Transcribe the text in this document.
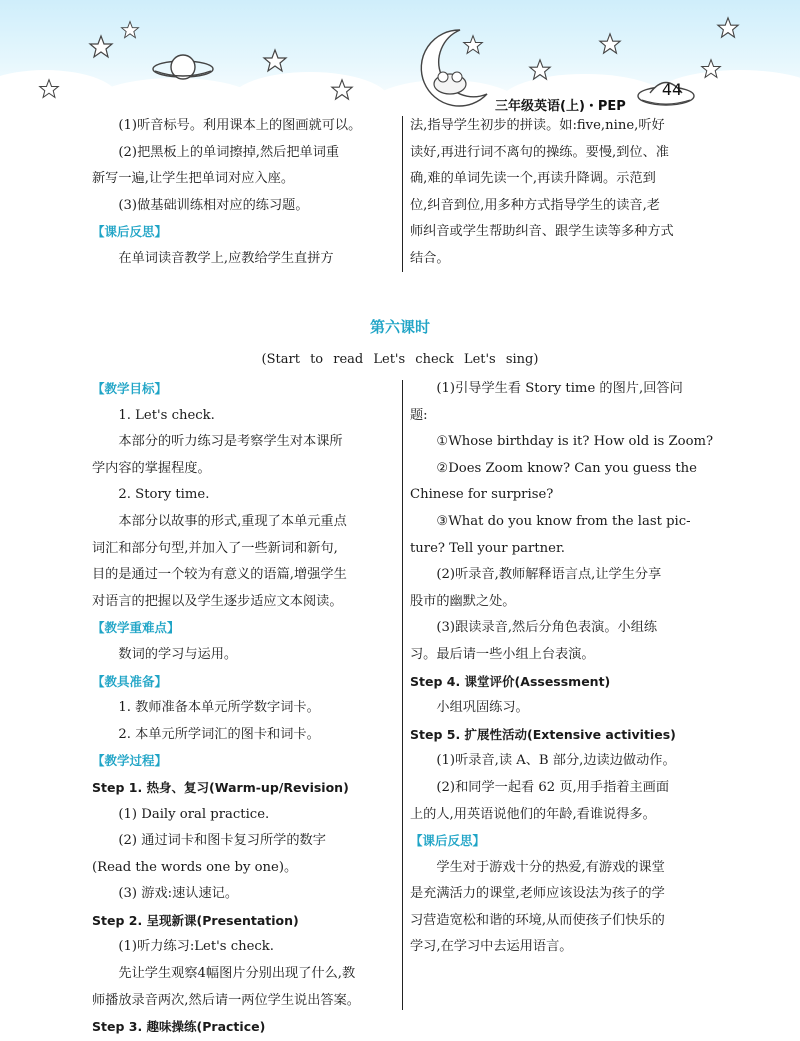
44
三年级英语(上)・PEP

(1)听音标号。利用课本上的图画就可以。

(2)把黑板上的单词擦掉,然后把单词重

新写一遍,让学生把单词对应入座。

(3)做基础训练相对应的练习题。

【课后反思】

在单词读音教学上,应教给学生直拼方

法,指导学生初步的拼读。如:five,nine,听好

读好,再进行词不离句的操练。要慢,到位、准

确,难的单词先读一个,再读升降调。示范到

位,纠音到位,用多种方式指导学生的读音,老

师纠音或学生帮助纠音、跟学生读等多种方式

结合。

第六课时
(Start to read Let's check Let's sing)

【教学目标】

1. Let's check.

本部分的听力练习是考察学生对本课所

学内容的掌握程度。

2. Story time.

本部分以故事的形式,重现了本单元重点

词汇和部分句型,并加入了一些新词和新句,

目的是通过一个较为有意义的语篇,增强学生

对语言的把握以及学生逐步适应文本阅读。

【教学重难点】

数词的学习与运用。

【教具准备】

1. 教师准备本单元所学数字词卡。

2. 本单元所学词汇的图卡和词卡。

【教学过程】

Step 1. 热身、复习(Warm-up/Revision)

(1) Daily oral practice.

(2) 通过词卡和图卡复习所学的数字

(Read the words one by one)。

(3) 游戏:速认速记。

Step 2. 呈现新课(Presentation)

(1)听力练习:Let's check.

先让学生观察4幅图片分别出现了什么,教

师播放录音两次,然后请一两位学生说出答案。

Step 3. 趣味操练(Practice)

(1)引导学生看 Story time 的图片,回答问

题:

①Whose birthday is it? How old is Zoom?

②Does Zoom know? Can you guess the

Chinese for surprise?

③What do you know from the last pic-

ture? Tell your partner.

(2)听录音,教师解释语言点,让学生分享

股市的幽默之处。

(3)跟读录音,然后分角色表演。小组练

习。最后请一些小组上台表演。

Step 4. 课堂评价(Assessment)

小组巩固练习。

Step 5. 扩展性活动(Extensive activities)

(1)听录音,读 A、B 部分,边读边做动作。

(2)和同学一起看 62 页,用手指着主画面

上的人,用英语说他们的年龄,看谁说得多。

【课后反思】

学生对于游戏十分的热爱,有游戏的课堂

是充满活力的课堂,老师应该设法为孩子的学

习营造宽松和谐的环境,从而使孩子们快乐的

学习,在学习中去运用语言。
